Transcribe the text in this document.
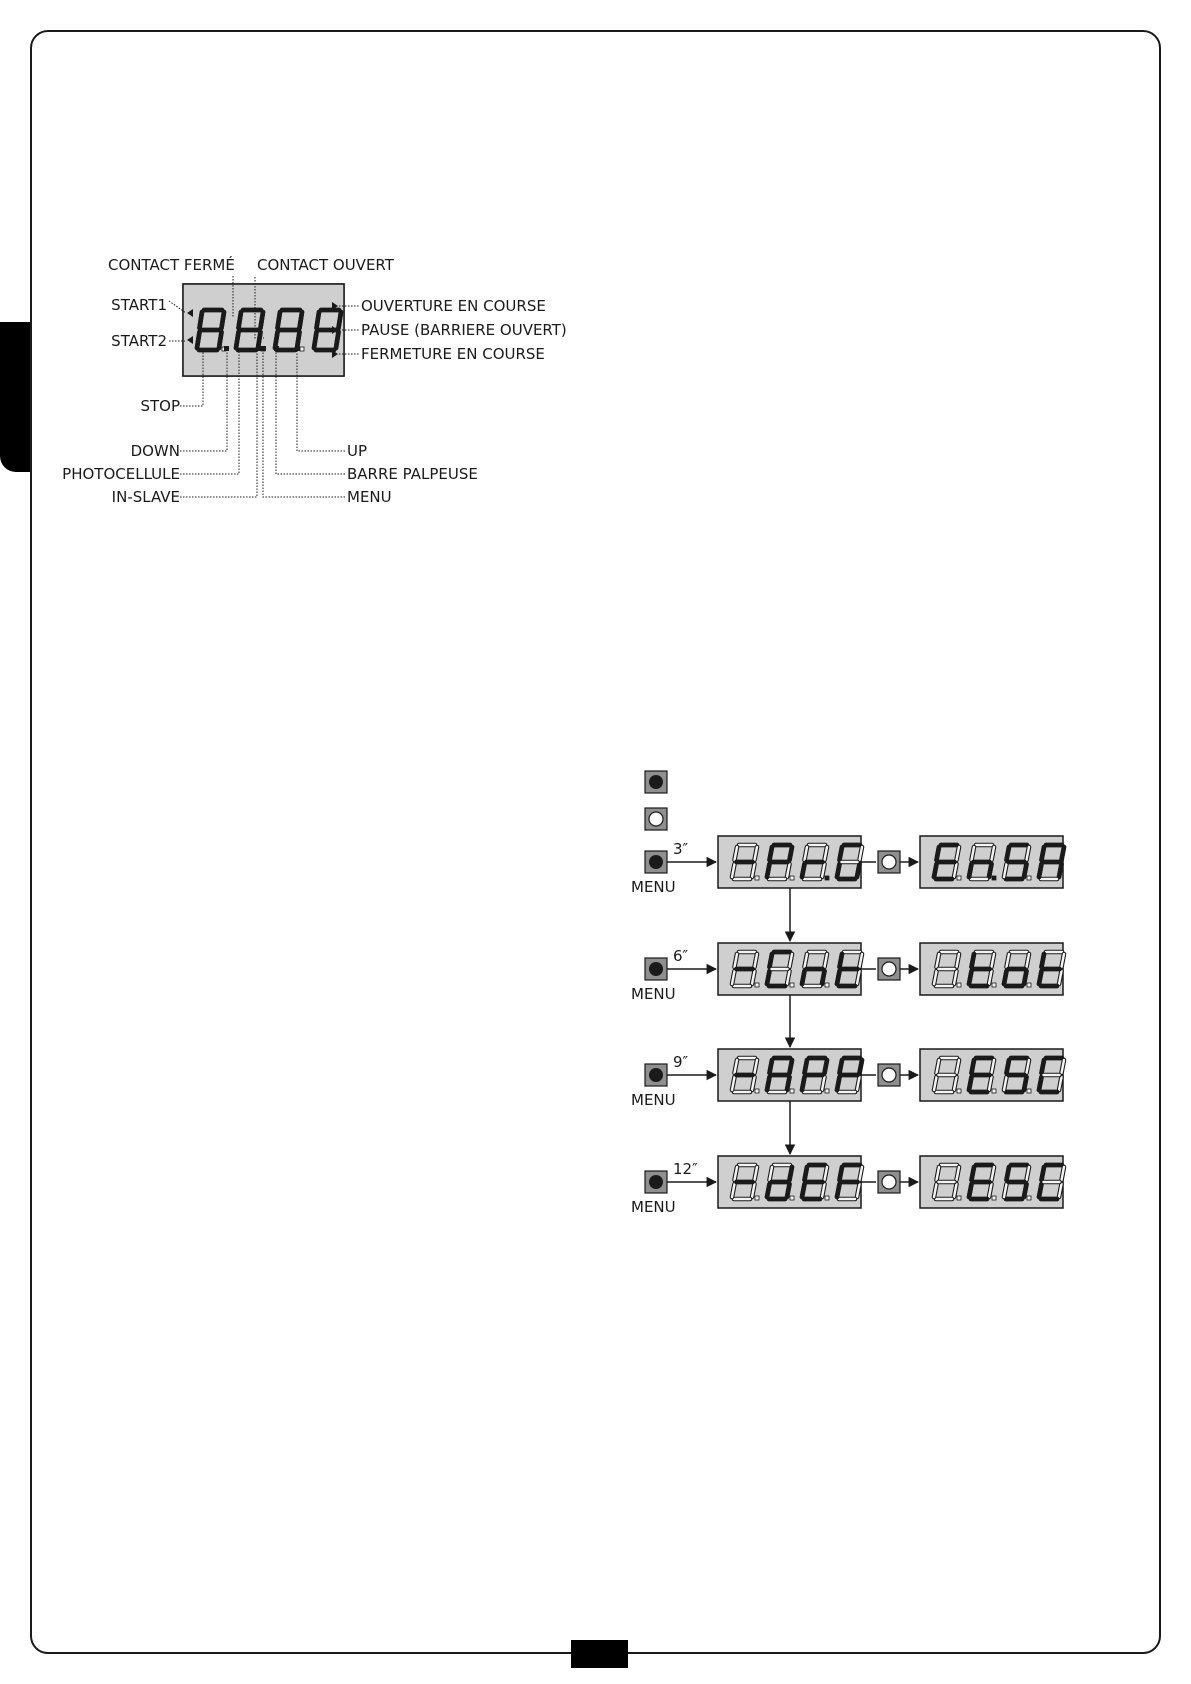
CONTACT FERMÉ CONTACT OUVERT
START1
START2
STOP
DOWN
PHOTOCELLULE
IN-SLAVE
OUVERTURE EN COURSE
PAUSE (BARRIERE OUVERT)
FERMETURE EN COURSE
UP
BARRE PALPEUSE
MENU
3″
MENU
6″
MENU
9″
MENU
12″
MENU
